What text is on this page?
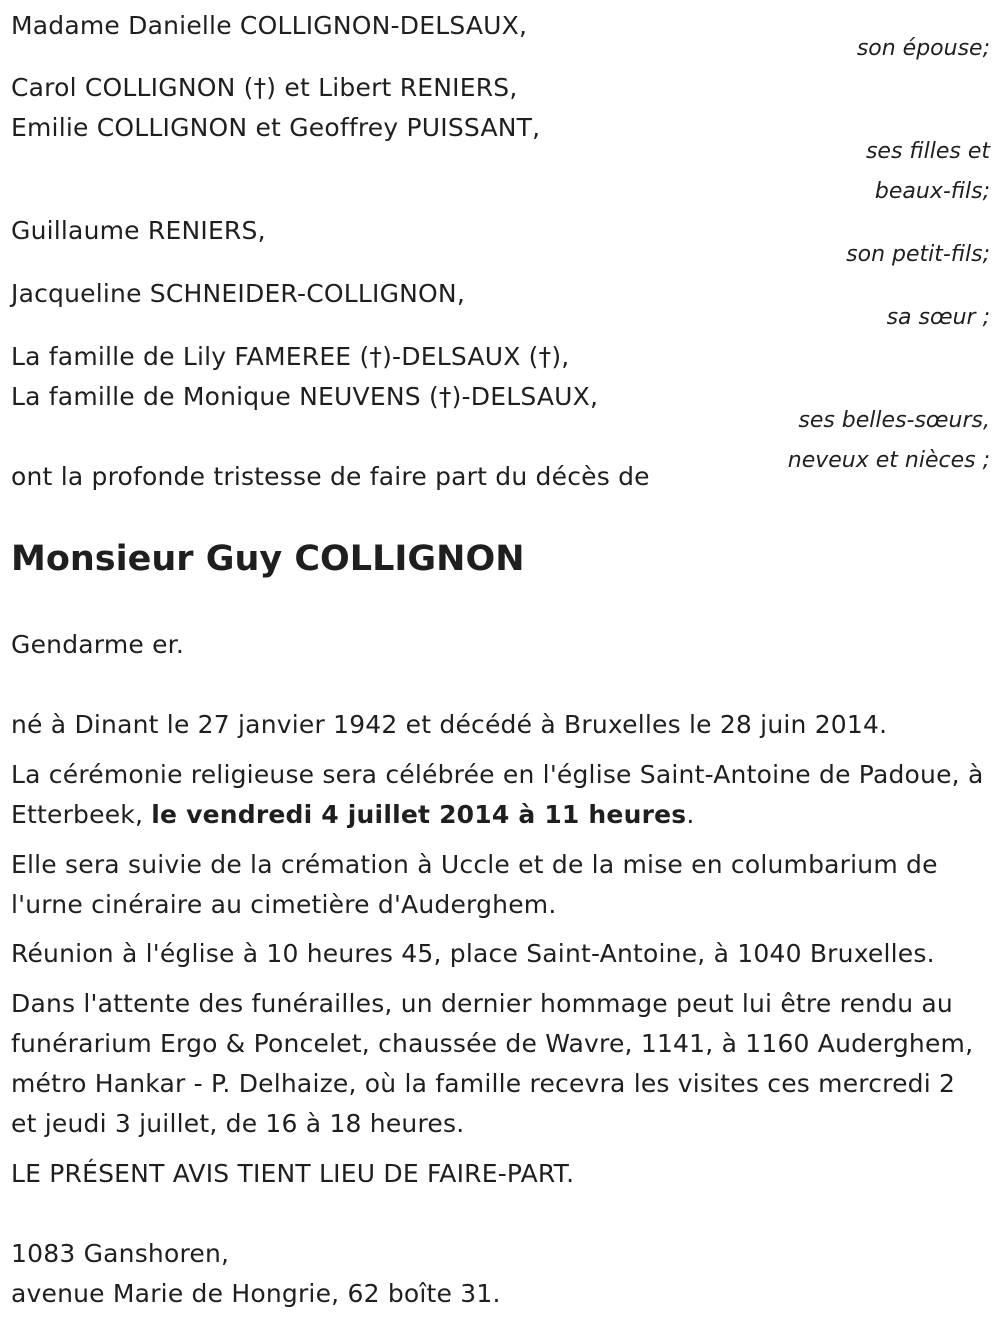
Madame Danielle COLLIGNON-DELSAUX,
son épouse;
Carol COLLIGNON (†) et Libert RENIERS,
Emilie COLLIGNON et Geoffrey PUISSANT,
ses filles et
beaux-fils;
Guillaume RENIERS,
son petit-fils;
Jacqueline SCHNEIDER-COLLIGNON,
sa sœur ;
La famille de Lily FAMEREE (†)-DELSAUX (†),
La famille de Monique NEUVENS (†)-DELSAUX,
ses belles-sœurs,
neveux et nièces ;
ont la profonde tristesse de faire part du décès de
Monsieur Guy COLLIGNON
Gendarme er.
né à Dinant le 27 janvier 1942 et décédé à Bruxelles le 28 juin 2014.
La cérémonie religieuse sera célébrée en l'église Saint-Antoine de Padoue, à Etterbeek, le vendredi 4 juillet 2014 à 11 heures.
Elle sera suivie de la crémation à Uccle et de la mise en columbarium de l'urne cinéraire au cimetière d'Auderghem.
Réunion à l'église à 10 heures 45, place Saint-Antoine, à 1040 Bruxelles.
Dans l'attente des funérailles, un dernier hommage peut lui être rendu au funérarium Ergo & Poncelet, chaussée de Wavre, 1141, à 1160 Auderghem, métro Hankar - P. Delhaize, où la famille recevra les visites ces mercredi 2 et jeudi 3 juillet, de 16 à 18 heures.
LE PRÉSENT AVIS TIENT LIEU DE FAIRE-PART.
1083 Ganshoren,
avenue Marie de Hongrie, 62 boîte 31.
